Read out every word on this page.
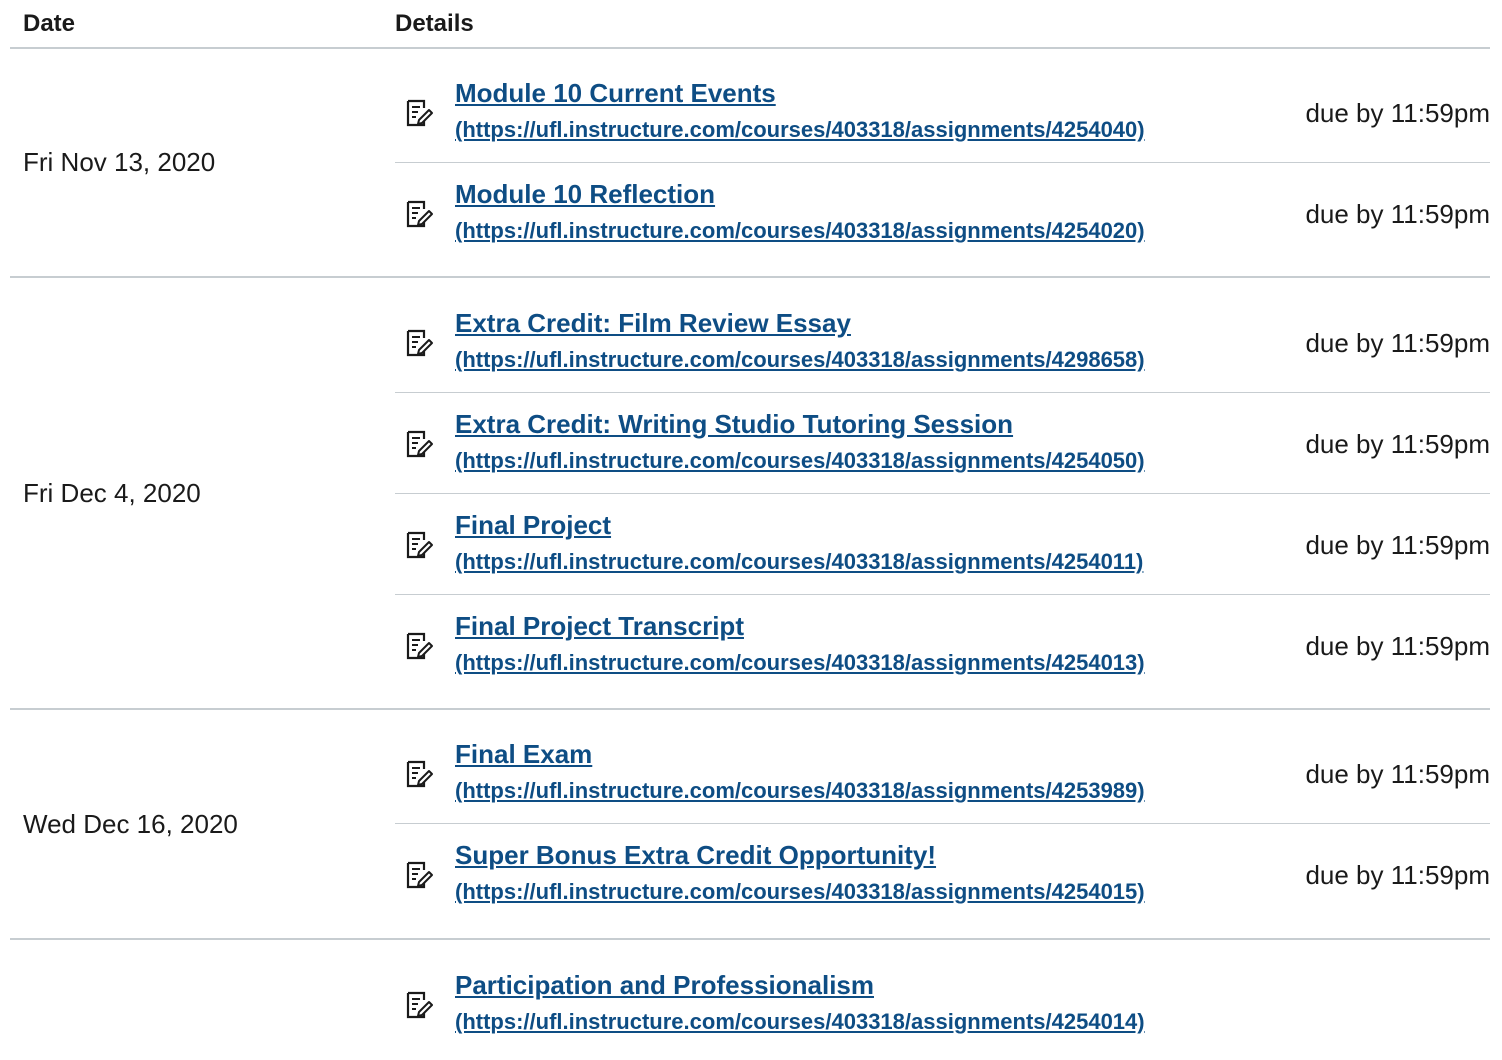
Date	Details
Fri Nov 13, 2020
Module 10 Current Events
(https://ufl.instructure.com/courses/403318/assignments/4254040)
due by 11:59pm
Module 10 Reflection
(https://ufl.instructure.com/courses/403318/assignments/4254020)
due by 11:59pm
Fri Dec 4, 2020
Extra Credit: Film Review Essay
(https://ufl.instructure.com/courses/403318/assignments/4298658)
due by 11:59pm
Extra Credit: Writing Studio Tutoring Session
(https://ufl.instructure.com/courses/403318/assignments/4254050)
due by 11:59pm
Final Project
(https://ufl.instructure.com/courses/403318/assignments/4254011)
due by 11:59pm
Final Project Transcript
(https://ufl.instructure.com/courses/403318/assignments/4254013)
due by 11:59pm
Wed Dec 16, 2020
Final Exam
(https://ufl.instructure.com/courses/403318/assignments/4253989)
due by 11:59pm
Super Bonus Extra Credit Opportunity!
(https://ufl.instructure.com/courses/403318/assignments/4254015)
due by 11:59pm
Participation and Professionalism
(https://ufl.instructure.com/courses/403318/assignments/4254014)
